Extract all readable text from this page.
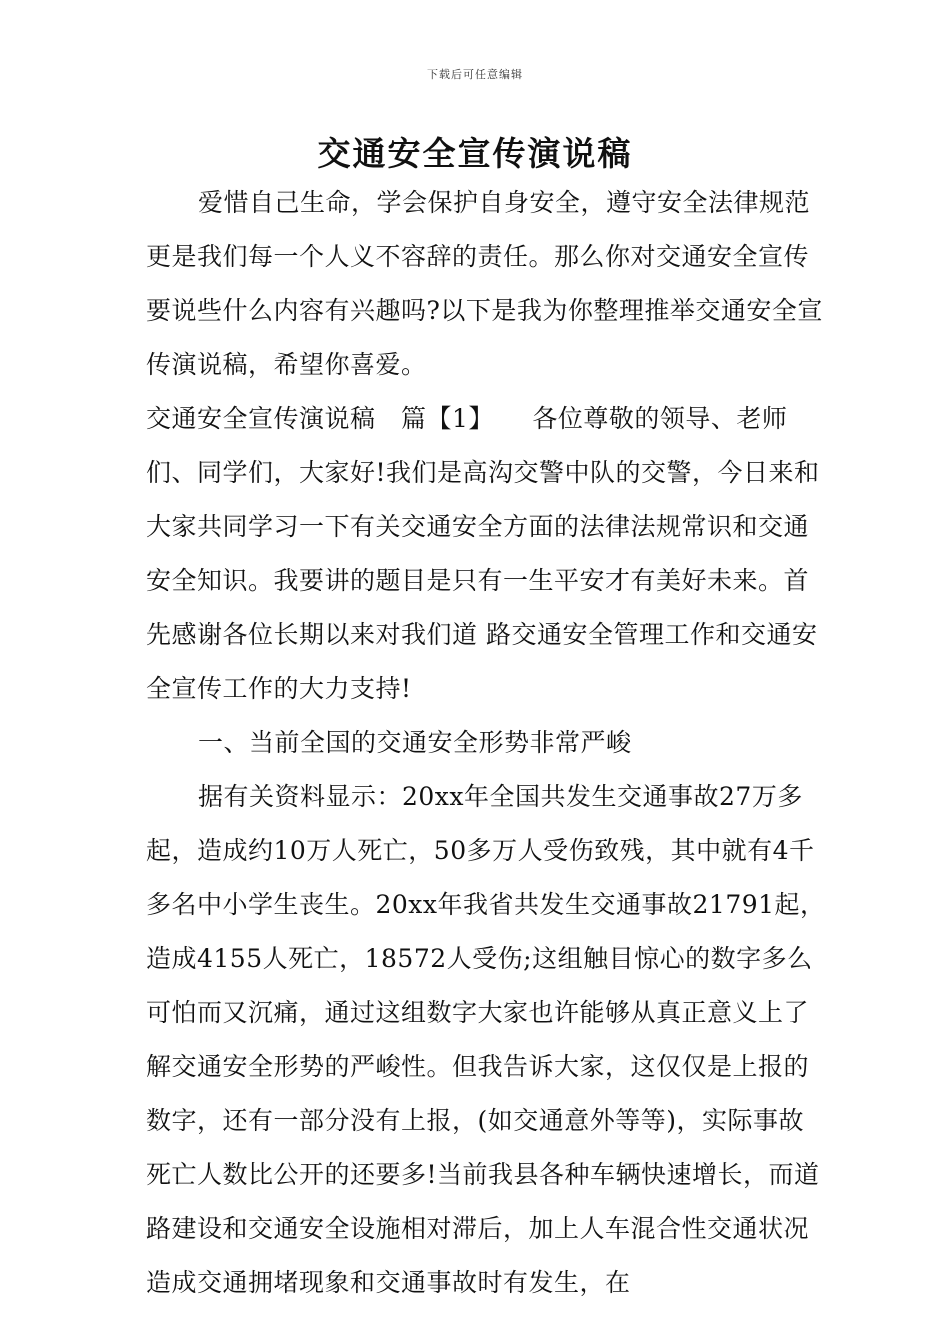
下载后可任意编辑
交通安全宣传演说稿

爱惜自己生命，学会保护自身安全，遵守安全法律规范更是我们每一个人义不容辞的责任。那么你对交通安全宣传要说些什么内容有兴趣吗?以下是我为你整理推举交通安全宣传演说稿，希望你喜爱。

交通安全宣传演说稿　篇【1】　　各位尊敬的领导、老师们、同学们，大家好!我们是高沟交警中队的交警，今日来和大家共同学习一下有关交通安全方面的法律法规常识和交通安全知识。我要讲的题目是只有一生平安才有美好未来。首先感谢各位长期以来对我们道 路交通安全管理工作和交通安全宣传工作的大力支持!

一、当前全国的交通安全形势非常严峻

据有关资料显示：20xx年全国共发生交通事故27万多起，造成约10万人死亡，50多万人受伤致残，其中就有4千多名中小学生丧生。20xx年我省共发生交通事故21791起，造成4155人死亡，18572人受伤;这组触目惊心的数字多么可怕而又沉痛，通过这组数字大家也许能够从真正意义上了解交通安全形势的严峻性。但我告诉大家，这仅仅是上报的数字，还有一部分没有上报，(如交通意外等等)，实际事故死亡人数比公开的还要多!当前我县各种车辆快速增长，而道路建设和交通安全设施相对滞后，加上人车混合性交通状况造成交通拥堵现象和交通事故时有发生，在
